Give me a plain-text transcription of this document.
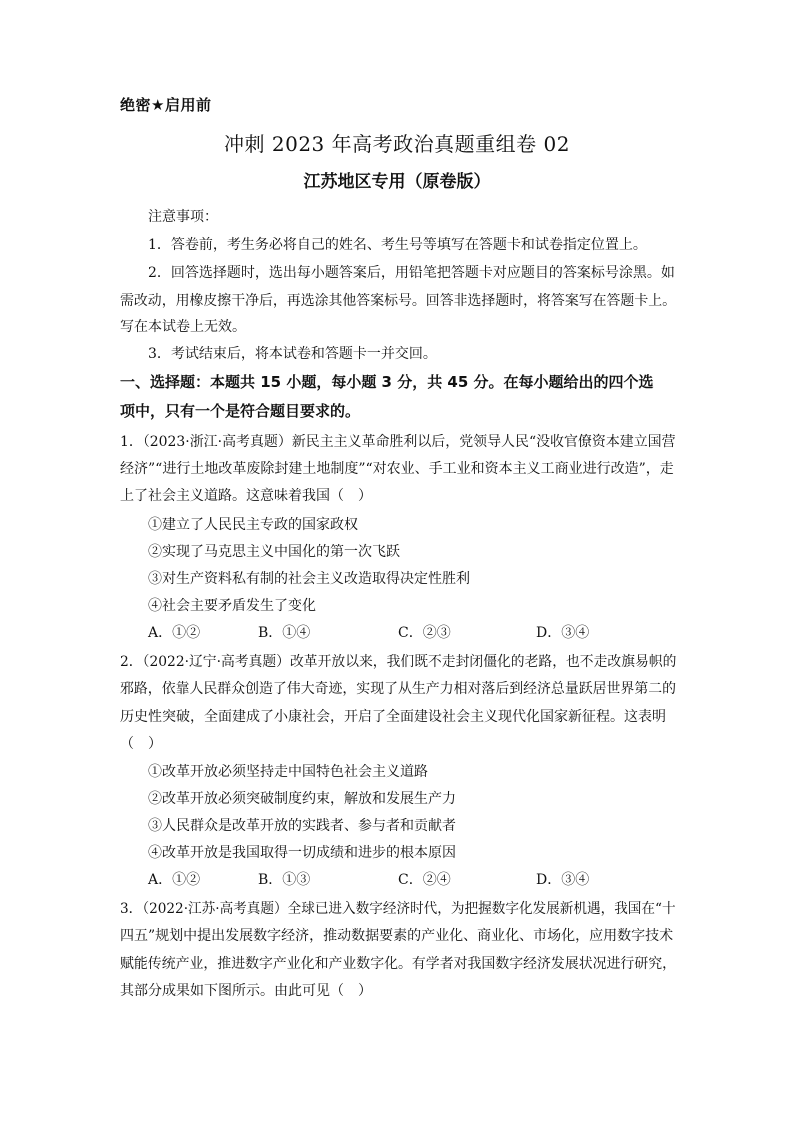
绝密★启用前
冲刺 2023 年高考政治真题重组卷 02
江苏地区专用（原卷版）
注意事项：
1．答卷前，考生务必将自己的姓名、考生号等填写在答题卡和试卷指定位置上。
2．回答选择题时，选出每小题答案后，用铅笔把答题卡对应题目的答案标号涂黑。如
需改动，用橡皮擦干净后，再选涂其他答案标号。回答非选择题时，将答案写在答题卡上。
写在本试卷上无效。
3．考试结束后，将本试卷和答题卡一并交回。
一、选择题：本题共 15 小题，每小题 3 分，共 45 分。在每小题给出的四个选
项中，只有一个是符合题目要求的。
1．（2023·浙江·高考真题）新民主主义革命胜利以后，党领导人民“没收官僚资本建立国营
经济”“进行土地改革废除封建土地制度”“对农业、手工业和资本主义工商业进行改造”，走
上了社会主义道路。这意味着我国（　）
①建立了人民民主专政的国家政权
②实现了马克思主义中国化的第一次飞跃
③对生产资料私有制的社会主义改造取得决定性胜利
④社会主要矛盾发生了变化
A．①②	B．①④	C．②③	D．③④
2．（2022·辽宁·高考真题）改革开放以来，我们既不走封闭僵化的老路，也不走改旗易帜的
邪路，依靠人民群众创造了伟大奇迹，实现了从生产力相对落后到经济总量跃居世界第二的
历史性突破，全面建成了小康社会，开启了全面建设社会主义现代化国家新征程。这表明
（　）
①改革开放必须坚持走中国特色社会主义道路
②改革开放必须突破制度约束，解放和发展生产力
③人民群众是改革开放的实践者、参与者和贡献者
④改革开放是我国取得一切成绩和进步的根本原因
A．①②	B．①③	C．②④	D．③④
3．（2022·江苏·高考真题）全球已进入数字经济时代，为把握数字化发展新机遇，我国在“十
四五”规划中提出发展数字经济，推动数据要素的产业化、商业化、市场化，应用数字技术
赋能传统产业，推进数字产业化和产业数字化。有学者对我国数字经济发展状况进行研究，
其部分成果如下图所示。由此可见（　）
